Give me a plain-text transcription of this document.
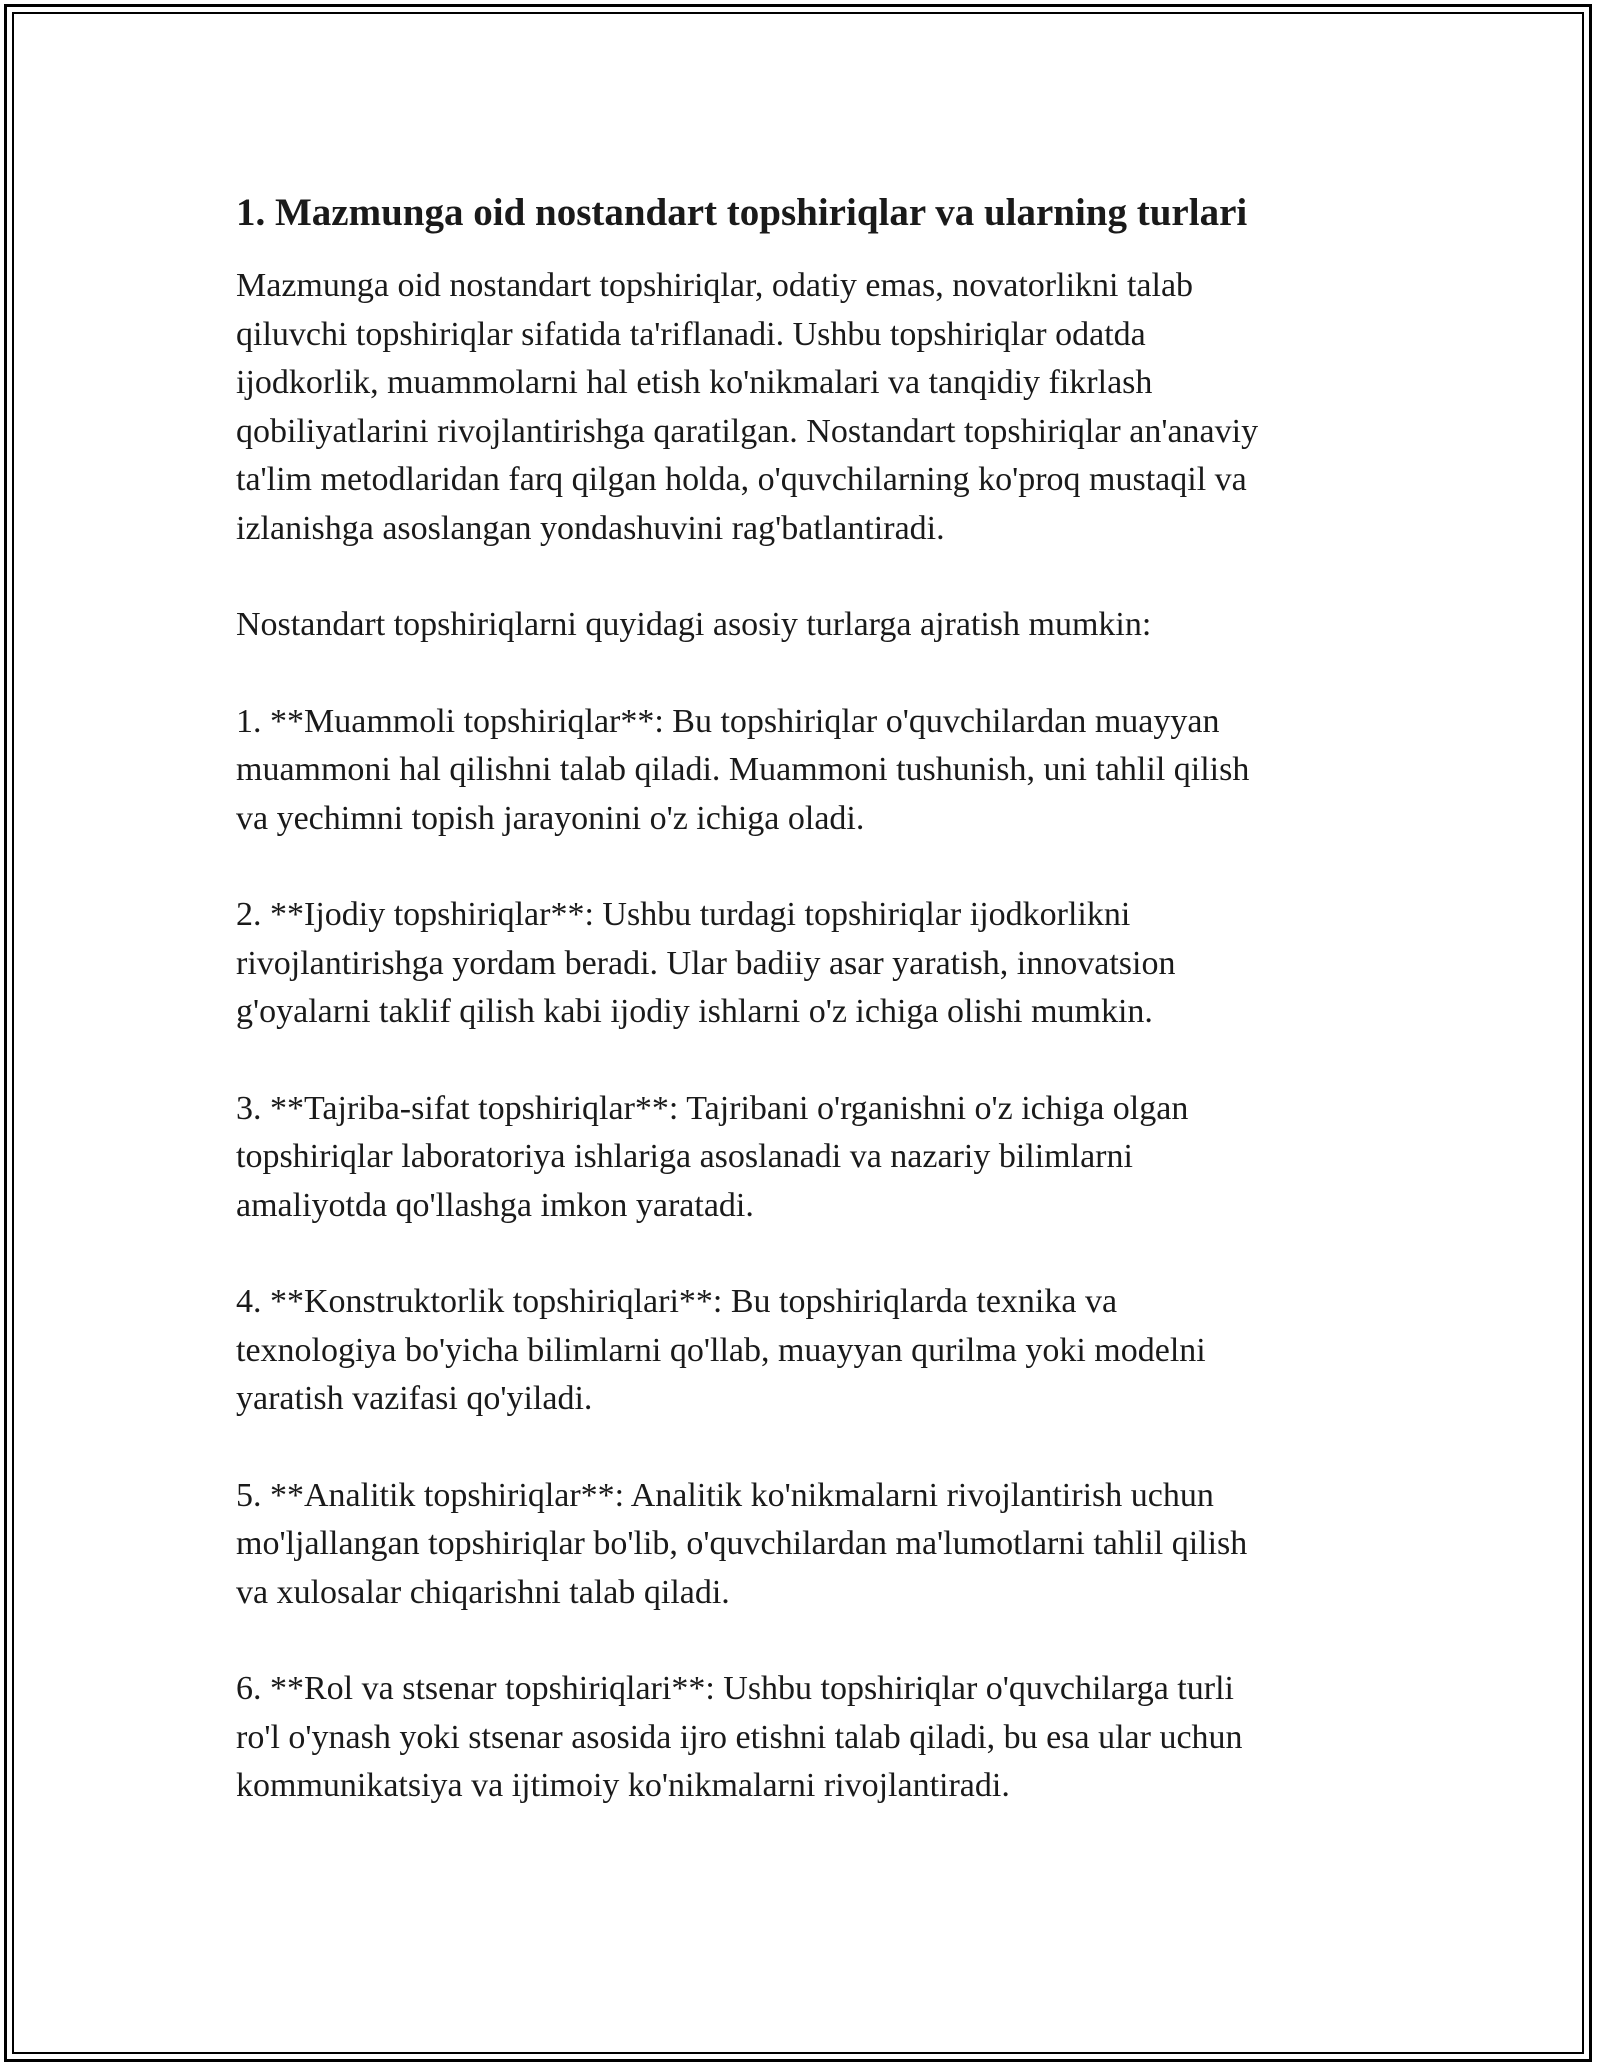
1. Mazmunga oid nostandart topshiriqlar va ularning turlari

Mazmunga oid nostandart topshiriqlar, odatiy emas, novatorlikni talab
qiluvchi topshiriqlar sifatida ta'riflanadi. Ushbu topshiriqlar odatda
ijodkorlik, muammolarni hal etish ko'nikmalari va tanqidiy fikrlash
qobiliyatlarini rivojlantirishga qaratilgan. Nostandart topshiriqlar an'anaviy
ta'lim metodlaridan farq qilgan holda, o'quvchilarning ko'proq mustaqil va
izlanishga asoslangan yondashuvini rag'batlantiradi.

Nostandart topshiriqlarni quyidagi asosiy turlarga ajratish mumkin:

1. **Muammoli topshiriqlar**: Bu topshiriqlar o'quvchilardan muayyan
muammoni hal qilishni talab qiladi. Muammoni tushunish, uni tahlil qilish
va yechimni topish jarayonini o'z ichiga oladi.

2. **Ijodiy topshiriqlar**: Ushbu turdagi topshiriqlar ijodkorlikni
rivojlantirishga yordam beradi. Ular badiiy asar yaratish, innovatsion
g'oyalarni taklif qilish kabi ijodiy ishlarni o'z ichiga olishi mumkin.

3. **Tajriba-sifat topshiriqlar**: Tajribani o'rganishni o'z ichiga olgan
topshiriqlar laboratoriya ishlariga asoslanadi va nazariy bilimlarni
amaliyotda qo'llashga imkon yaratadi.

4. **Konstruktorlik topshiriqlari**: Bu topshiriqlarda texnika va
texnologiya bo'yicha bilimlarni qo'llab, muayyan qurilma yoki modelni
yaratish vazifasi qo'yiladi.

5. **Analitik topshiriqlar**: Analitik ko'nikmalarni rivojlantirish uchun
mo'ljallangan topshiriqlar bo'lib, o'quvchilardan ma'lumotlarni tahlil qilish
va xulosalar chiqarishni talab qiladi.

6. **Rol va stsenar topshiriqlari**: Ushbu topshiriqlar o'quvchilarga turli
ro'l o'ynash yoki stsenar asosida ijro etishni talab qiladi, bu esa ular uchun
kommunikatsiya va ijtimoiy ko'nikmalarni rivojlantiradi.
